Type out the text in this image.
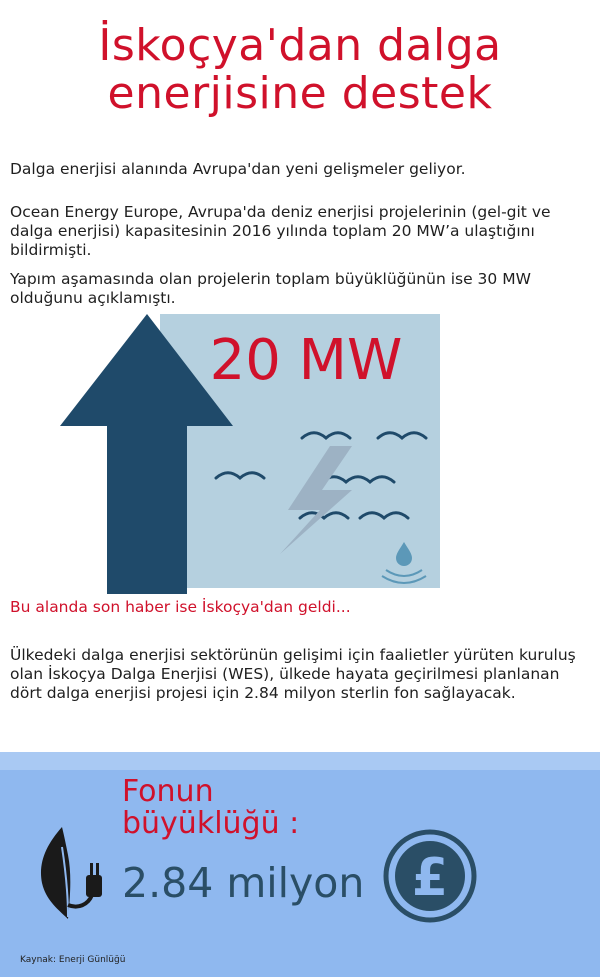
İskoçya'dan dalga
enerjisine destek

Dalga enerjisi alanında Avrupa'dan yeni gelişmeler geliyor.

Ocean Energy Europe, Avrupa'da deniz enerjisi projelerinin (gel-git ve dalga enerjisi) kapasitesinin 2016 yılında toplam 20 MW’a ulaştığını bildirmişti.

Yapım aşamasında olan projelerin toplam büyüklüğünün ise 30 MW olduğunu açıklamıştı.

20 MW

Bu alanda son haber ise İskoçya'dan geldi...

Ülkedeki dalga enerjisi sektörünün gelişimi için faalietler yürüten kuruluş olan İskoçya Dalga Enerjisi (WES), ülkede hayata geçirilmesi planlanan dört dalga enerjisi projesi için 2.84 milyon sterlin fon sağlayacak.

Fonun
büyüklüğü :

2.84 milyon £

Kaynak: Enerji Günlüğü
